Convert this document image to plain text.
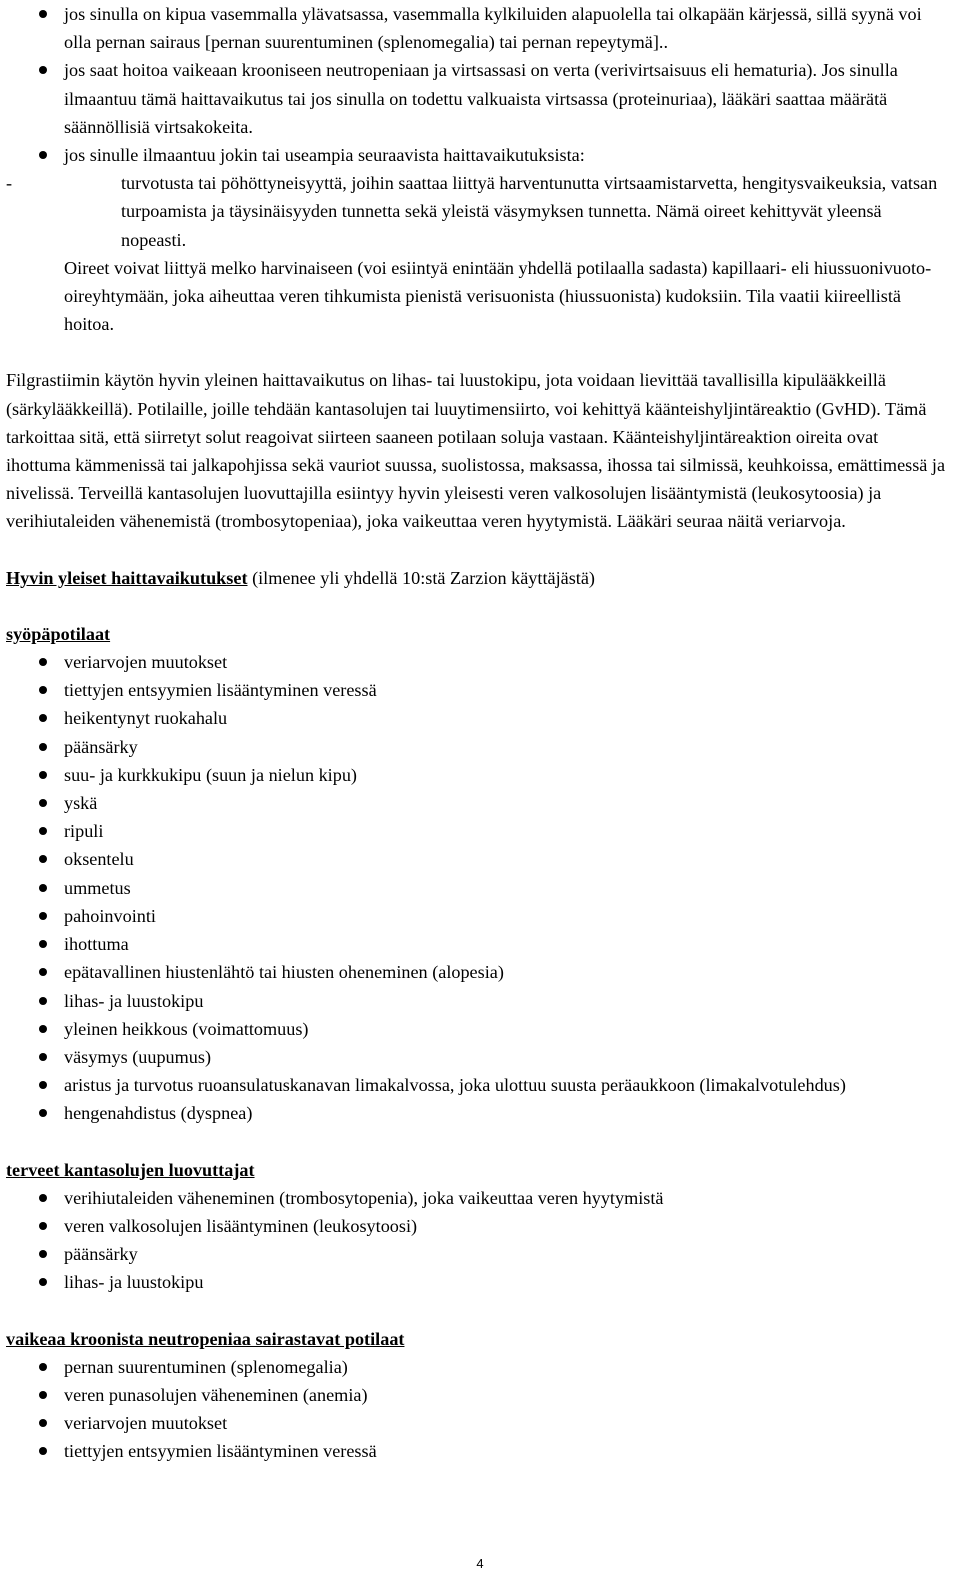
jos sinulla on kipua vasemmalla ylävatsassa, vasemmalla kylkiluiden alapuolella tai olkapään kärjessä, sillä syynä voi olla pernan sairaus [pernan suurentuminen (splenomegalia) tai pernan repeytymä]..
jos saat hoitoa vaikeaan krooniseen neutropeniaan ja virtsassasi on verta (verivirtsaisuus eli hematuria). Jos sinulla ilmaantuu tämä haittavaikutus tai jos sinulla on todettu valkuaista virtsassa (proteinuriaa), lääkäri saattaa määrätä säännöllisiä virtsakokeita.
jos sinulle ilmaantuu jokin tai useampia seuraavista haittavaikutuksista:
-	turvotusta tai pöhöttyneisyyttä, joihin saattaa liittyä harventunutta virtsaamistarvetta, hengitysvaikeuksia, vatsan turpoamista ja täysinäisyyden tunnetta sekä yleistä väsymyksen tunnetta. Nämä oireet kehittyvät yleensä nopeasti.

Oireet voivat liittyä melko harvinaiseen (voi esiintyä enintään yhdellä potilaalla sadasta) kapillaari- eli hiussuonivuoto-oireyhtymään, joka aiheuttaa veren tihkumista pienistä verisuonista (hiussuonista) kudoksiin. Tila vaatii kiireellistä hoitoa.

Filgrastiimin käytön hyvin yleinen haittavaikutus on lihas- tai luustokipu, jota voidaan lievittää tavallisilla kipulääkkeillä (särkylääkkeillä). Potilaille, joille tehdään kantasolujen tai luuytimensiirto, voi kehittyä käänteishyljintäreaktio (GvHD). Tämä tarkoittaa sitä, että siirretyt solut reagoivat siirteen saaneen potilaan soluja vastaan. Käänteishyljintäreaktion oireita ovat ihottuma kämmenissä tai jalkapohjissa sekä vauriot suussa, suolistossa, maksassa, ihossa tai silmissä, keuhkoissa, emättimessä ja nivelissä. Terveillä kantasolujen luovuttajilla esiintyy hyvin yleisesti veren valkosolujen lisääntymistä (leukosytoosia) ja verihiutaleiden vähenemistä (trombosytopeniaa), joka vaikeuttaa veren hyytymistä. Lääkäri seuraa näitä veriarvoja.

Hyvin yleiset haittavaikutukset (ilmenee yli yhdellä 10:stä Zarzion käyttäjästä)

syöpäpotilaat

veriarvojen muutokset
tiettyjen entsyymien lisääntyminen veressä
heikentynyt ruokahalu
päänsärky
suu- ja kurkkukipu (suun ja nielun kipu)
yskä
ripuli
oksentelu
ummetus
pahoinvointi
ihottuma
epätavallinen hiustenlähtö tai hiusten oheneminen (alopesia)
lihas- ja luustokipu
yleinen heikkous (voimattomuus)
väsymys (uupumus)
aristus ja turvotus ruoansulatuskanavan limakalvossa, joka ulottuu suusta peräaukkoon (limakalvotulehdus)
hengenahdistus (dyspnea)

terveet kantasolujen luovuttajat

verihiutaleiden väheneminen (trombosytopenia), joka vaikeuttaa veren hyytymistä
veren valkosolujen lisääntyminen (leukosytoosi)
päänsärky
lihas- ja luustokipu

vaikeaa kroonista neutropeniaa sairastavat potilaat

pernan suurentuminen (splenomegalia)
veren punasolujen väheneminen (anemia)
veriarvojen muutokset
tiettyjen entsyymien lisääntyminen veressä
4
